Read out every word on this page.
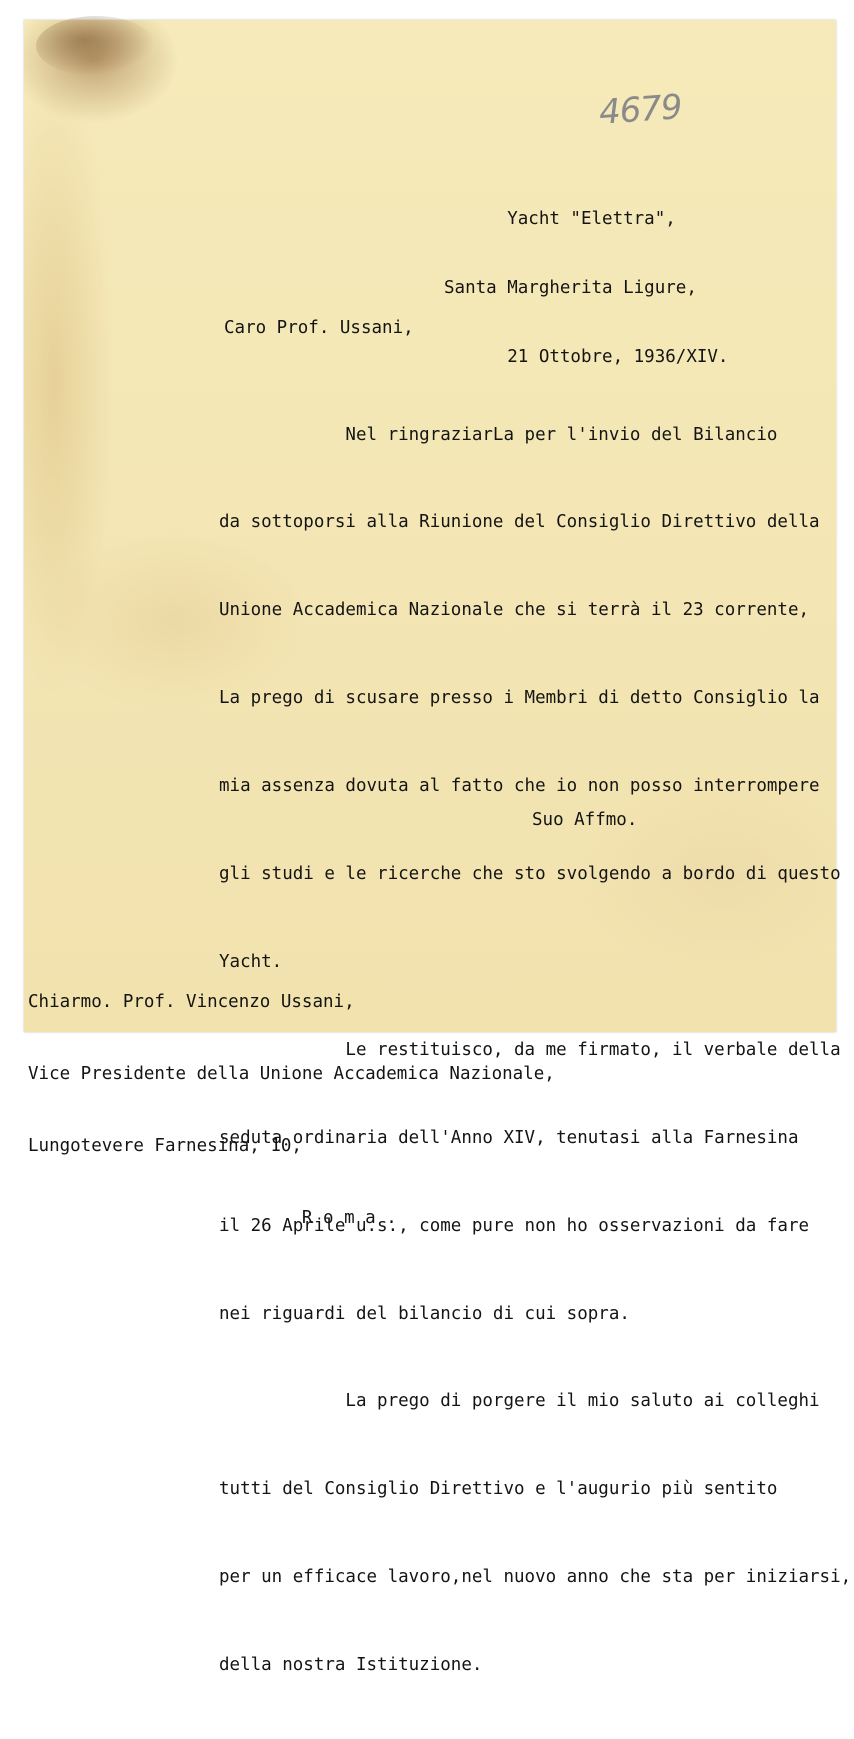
4679

Yacht "Elettra",

Santa Margherita Ligure,

21 Ottobre, 1936/XIV.

Caro Prof. Ussani,

Nel ringraziarLa per l'invio del Bilancio

da sottoporsi alla Riunione del Consiglio Direttivo della

Unione Accademica Nazionale che si terrà il 23 corrente,

La prego di scusare presso i Membri di detto Consiglio la

mia assenza dovuta al fatto che io non posso interrompere

gli studi e le ricerche che sto svolgendo a bordo di questo

Yacht.

Le restituisco, da me firmato, il verbale della

seduta ordinaria dell'Anno XIV, tenutasi alla Farnesina

il 26 Aprile u.s., come pure non ho osservazioni da fare

nei riguardi del bilancio di cui sopra.

La prego di porgere il mio saluto ai colleghi

tutti del Consiglio Direttivo e l'augurio più sentito

per un efficace lavoro,nel nuovo anno che sta per iniziarsi,

della nostra Istituzione.

Suo Affmo.

Chiarmo. Prof. Vincenzo Ussani,

Vice Presidente della Unione Accademica Nazionale,

Lungotevere Farnesina, 10,

R o m a .
